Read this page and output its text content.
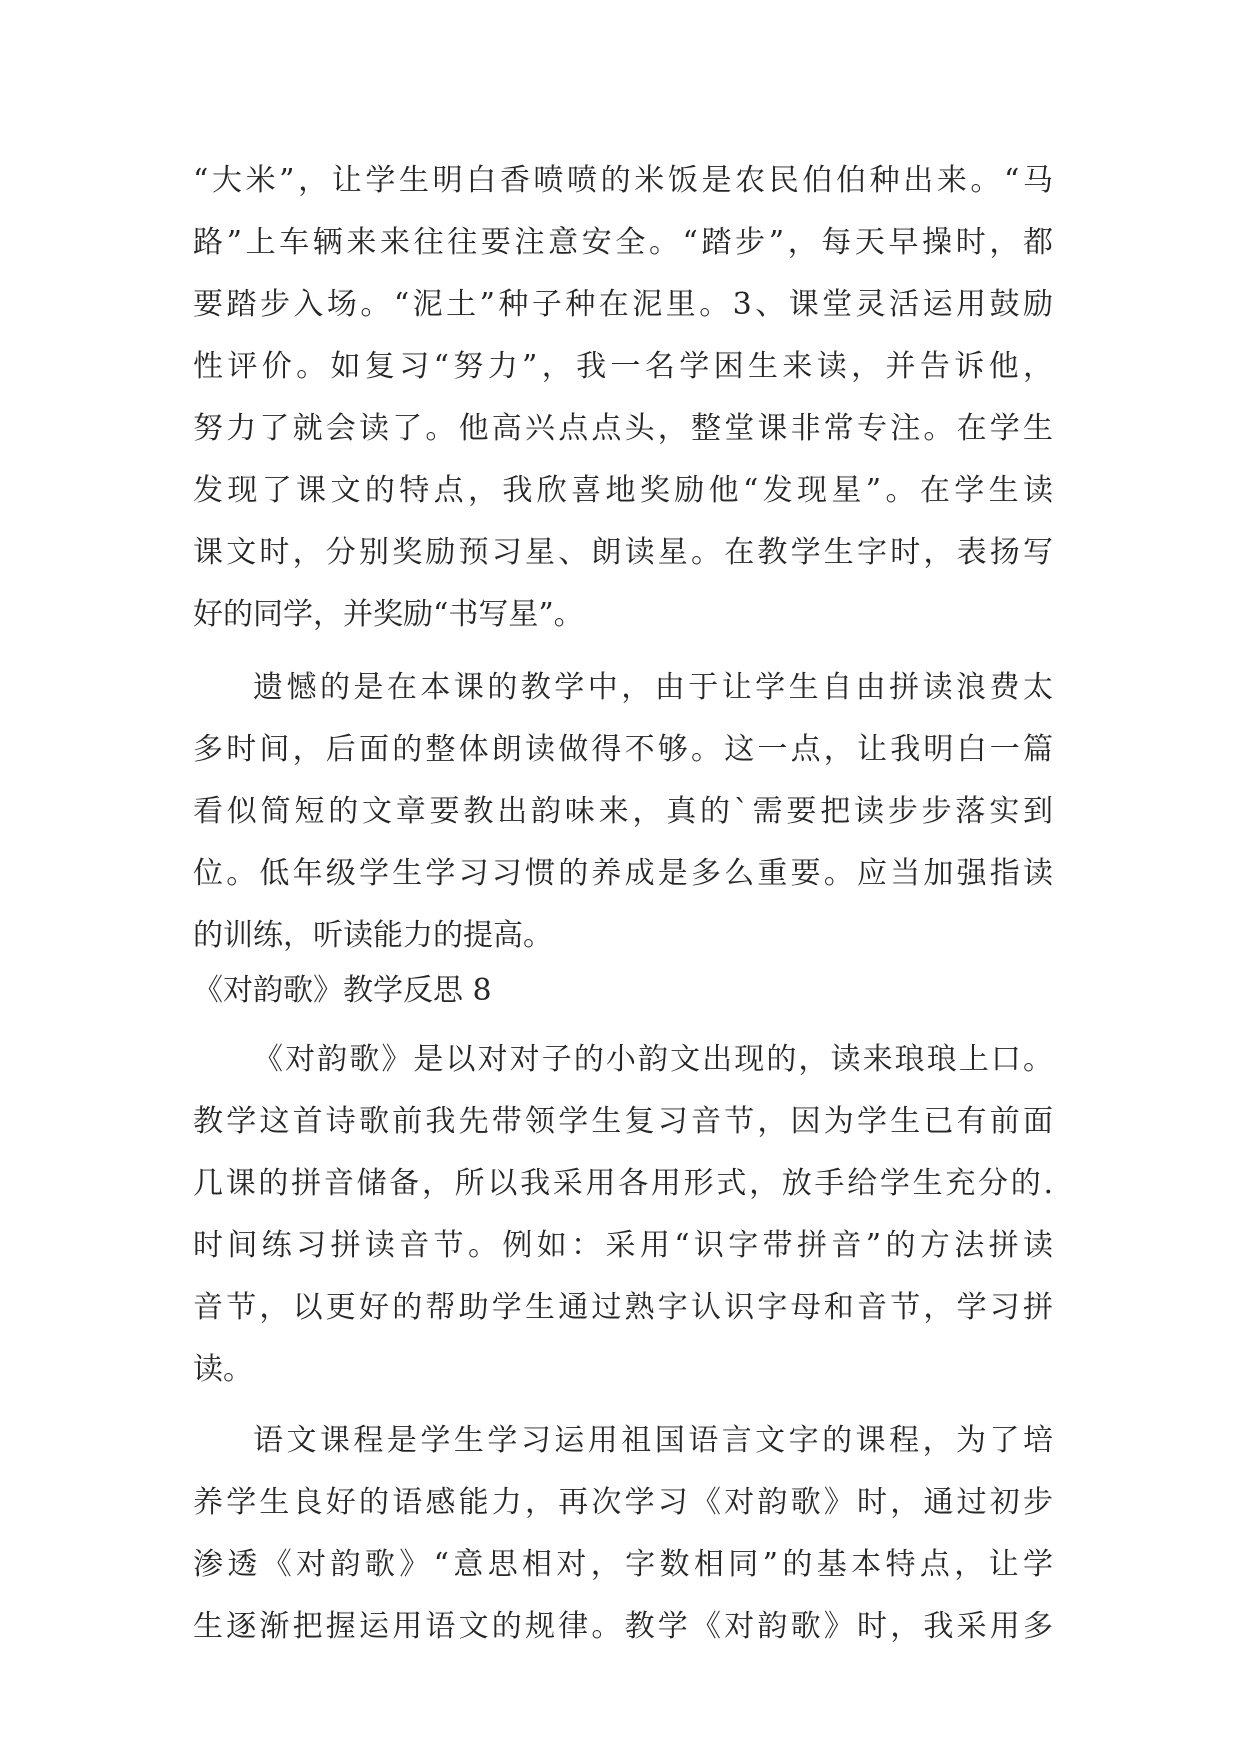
“大米”，让学生明白香喷喷的米饭是农民伯伯种出来。“马
路”上车辆来来往往要注意安全。“踏步”，每天早操时，都
要踏步入场。“泥土”种子种在泥里。3、课堂灵活运用鼓励
性评价。如复习“努力”，我一名学困生来读，并告诉他，
努力了就会读了。他高兴点点头，整堂课非常专注。在学生
发现了课文的特点，我欣喜地奖励他“发现星”。在学生读
课文时，分别奖励预习星、朗读星。在教学生字时，表扬写
好的同学，并奖励“书写星”。
遗憾的是在本课的教学中，由于让学生自由拼读浪费太
多时间，后面的整体朗读做得不够。这一点，让我明白一篇
看似简短的文章要教出韵味来，真的`需要把读步步落实到
位。低年级学生学习习惯的养成是多么重要。应当加强指读
的训练，听读能力的提高。
《对韵歌》教学反思 8
《对韵歌》是以对对子的小韵文出现的，读来琅琅上口。
教学这首诗歌前我先带领学生复习音节，因为学生已有前面
几课的拼音储备，所以我采用各用形式，放手给学生充分的.
时间练习拼读音节。例如：采用“识字带拼音”的方法拼读
音节，以更好的帮助学生通过熟字认识字母和音节，学习拼
读。
语文课程是学生学习运用祖国语言文字的课程，为了培
养学生良好的语感能力，再次学习《对韵歌》时，通过初步
渗透《对韵歌》“意思相对，字数相同”的基本特点，让学
生逐渐把握运用语文的规律。教学《对韵歌》时，我采用多
